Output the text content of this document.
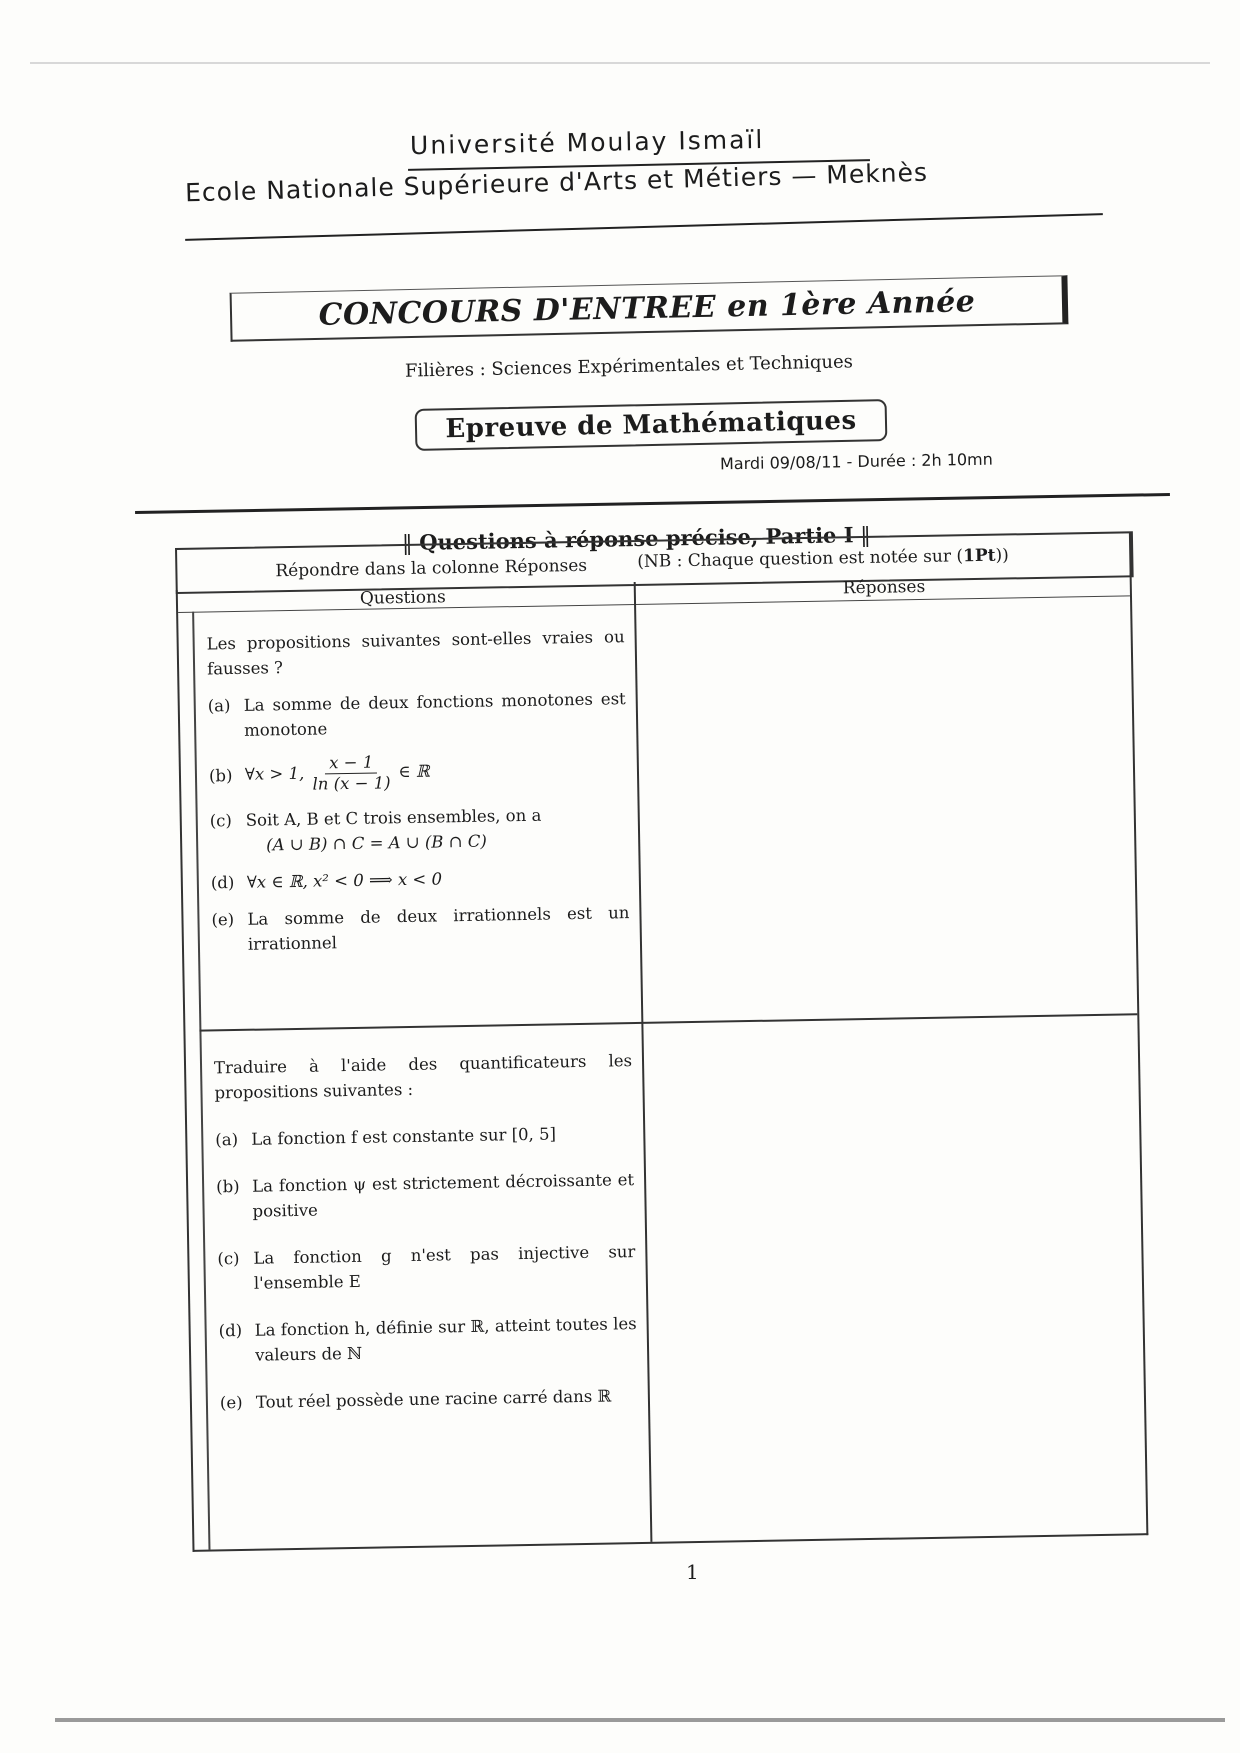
Université Moulay Ismaïl
Ecole Nationale Supérieure d'Arts et Métiers — Meknès
CONCOURS D'ENTREE en 1ère Année
Filières : Sciences Expérimentales et Techniques
Epreuve de Mathématiques
Mardi 09/08/11 - Durée : 2h 10mn
‖ Questions à réponse précise, Partie I ‖
Répondre dans la colonne Réponses	(NB : Chaque question est notée sur (1Pt))
Questions	Réponses

Les propositions suivantes sont-elles vraies ou fausses ?

(a) La somme de deux fonctions monotones est monotone
(b) ∀x > 1, $\frac{x - 1}{\ln (x - 1)}$ ∈ ℝ
(c) Soit A, B et C trois ensembles, on a
(A ∪ B) ∩ C = A ∪ (B ∩ C)
(d) ∀x ∈ ℝ, x² < 0 ⟹ x < 0
(e) La somme de deux irrationnels est un irrationnel

Traduire à l'aide des quantificateurs les propositions suivantes :

(a) La fonction f est constante sur [0, 5]
(b) La fonction ψ est strictement décroissante et positive
(c) La fonction g n'est pas injective sur l'ensemble E
(d) La fonction h, définie sur ℝ, atteint toutes les valeurs de ℕ
(e) Tout réel possède une racine carré dans ℝ
1
